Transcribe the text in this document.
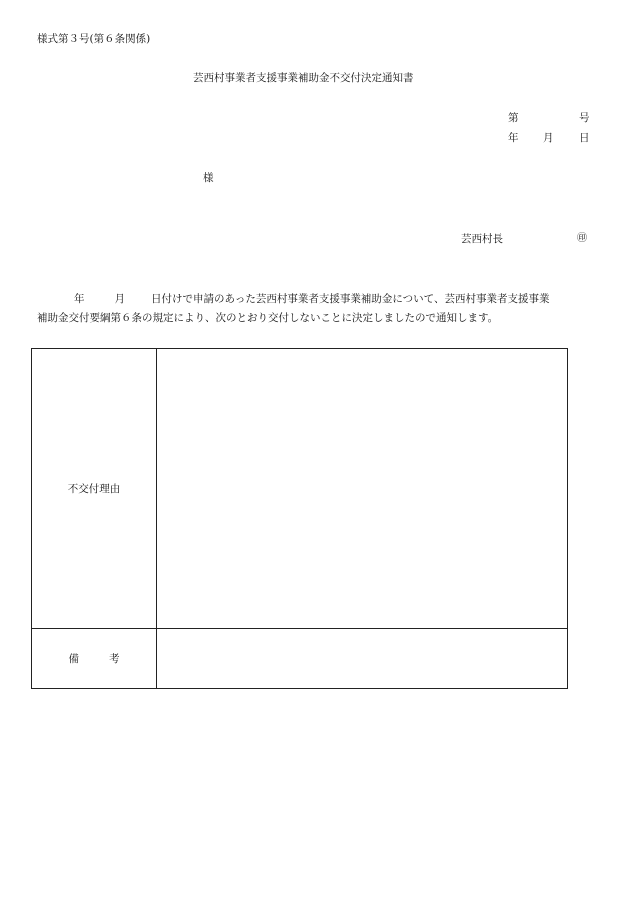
様式第３号(第６条関係)
芸西村事業者支援事業補助金不交付決定通知書
第	号
年 月 日
様
芸西村長	㊞
年	月 日付けで申請のあった芸西村事業者支援事業補助金について、芸西村事業者支援事業
補助金交付要綱第６条の規定により、次のとおり交付しないことに決定しましたので通知します。
不交付理由
備	考
